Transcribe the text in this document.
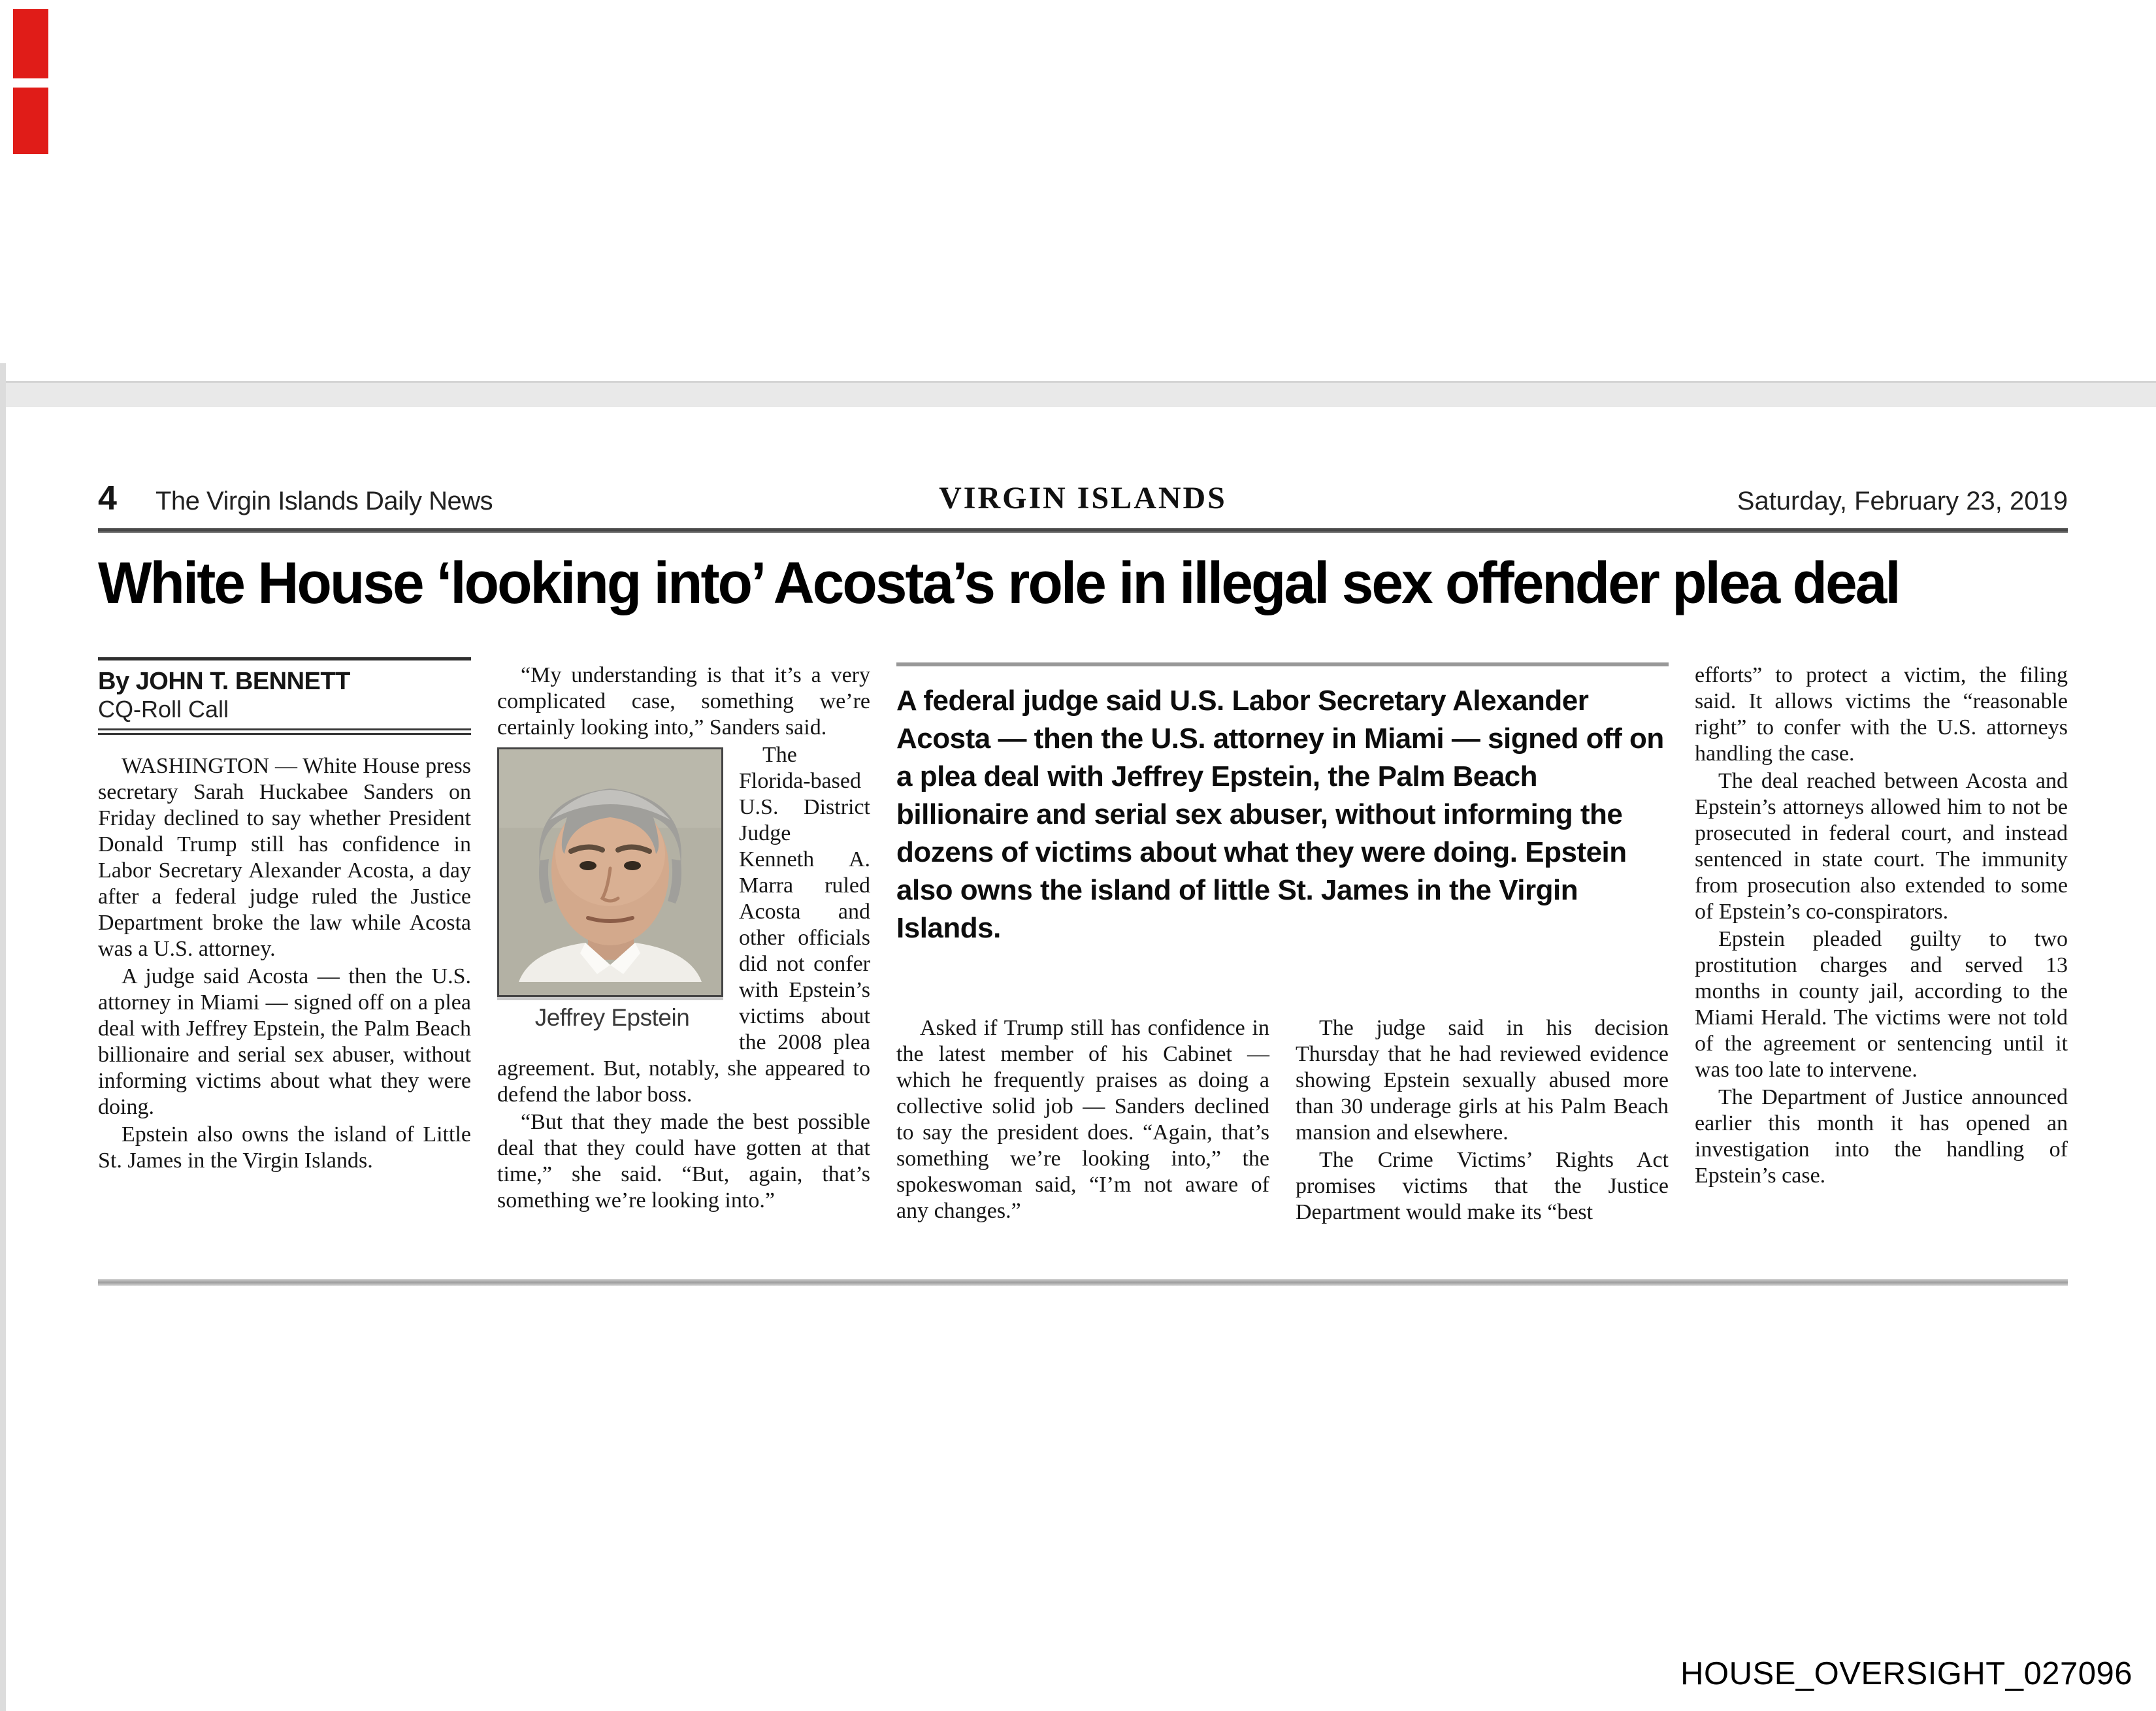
4 The Virgin Islands Daily News	VIRGIN ISLANDS	Saturday, February 23, 2019
White House ‘looking into’ Acosta’s role in illegal sex offender plea deal
By JOHN T. BENNETT
CQ-Roll Call

WASHINGTON — White House press secretary Sarah Huckabee Sanders on Friday declined to say whether President Donald Trump still has confidence in Labor Secretary Alexander Acosta, a day after a federal judge ruled the Justice Department broke the law while Acosta was a U.S. attorney.

A judge said Acosta — then the U.S. attorney in Miami — signed off on a plea deal with Jeffrey Epstein, the Palm Beach billionaire and serial sex abuser, without informing victims about what they were doing.

Epstein also owns the island of Little St. James in the Virgin Islands.

“My understanding is that it’s a very complicated case, something we’re certainly looking into,” Sanders said.

Jeffrey Epstein

The Florida-based U.S. District Judge Kenneth A. Marra ruled Acosta and other officials did not confer with Epstein’s victims about the 2008 plea agreement. But, notably, she appeared to defend the labor boss.

“But that they made the best possible deal that they could have gotten at that time,” she said. “But, again, that’s something we’re looking into.”

A federal judge said U.S. Labor Secretary Alexander Acosta — then the U.S. attorney in Miami — signed off on a plea deal with Jeffrey Epstein, the Palm Beach billionaire and serial sex abuser, without informing the dozens of victims about what they were doing. Epstein also owns the island of little St. James in the Virgin Islands.

Asked if Trump still has confidence in the latest member of his Cabinet — which he frequently praises as doing a collective solid job — Sanders declined to say the president does. “Again, that’s something we’re looking into,” the spokeswoman said, “I’m not aware of any changes.”

The judge said in his decision Thursday that he had reviewed evidence showing Epstein sexually abused more than 30 underage girls at his Palm Beach mansion and elsewhere.

The Crime Victims’ Rights Act promises victims that the Justice Department would make its “best

efforts” to protect a victim, the filing said. It allows victims the “reasonable right” to confer with the U.S. attorneys handling the case.

The deal reached between Acosta and Epstein’s attorneys allowed him to not be prosecuted in federal court, and instead sentenced in state court. The immunity from prosecution also extended to some of Epstein’s co-conspirators.

Epstein pleaded guilty to two prostitution charges and served 13 months in county jail, according to the Miami Herald. The victims were not told of the agreement or sentencing until it was too late to intervene.

The Department of Justice announced earlier this month it has opened an investigation into the handling of Epstein’s case.

HOUSE_OVERSIGHT_027096
